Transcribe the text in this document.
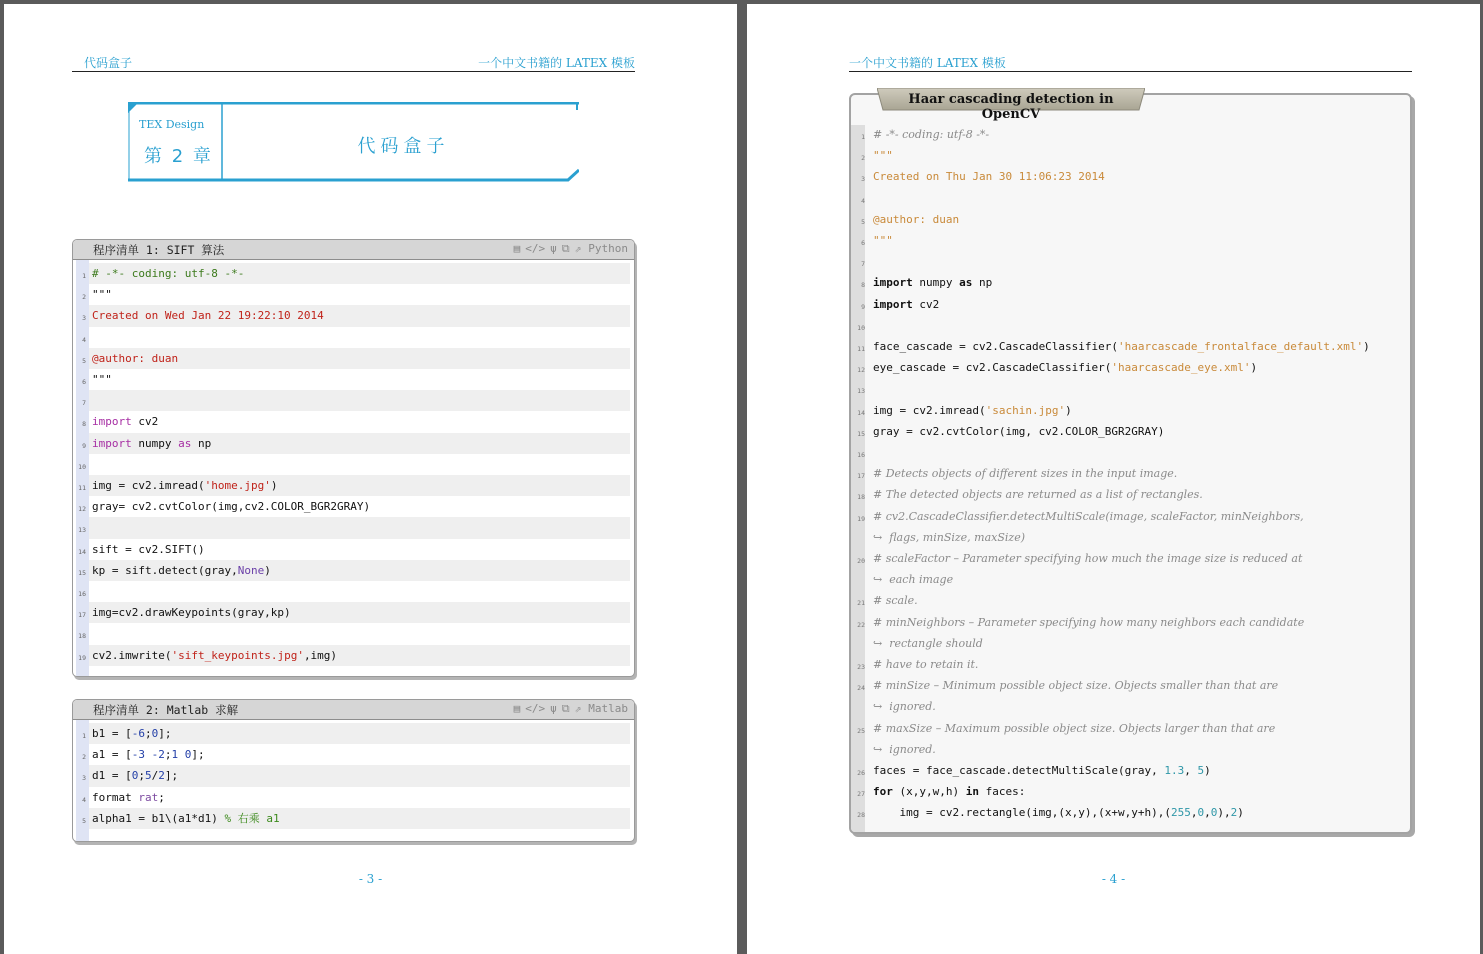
代码盒子	一个中文书籍的 LATEX 模板
TEX Design
第 2 章	代码盒子
程序清单 1: SIFT 算法	▤ </> ψ ⧉ ⇗ Python
1 # -*- coding: utf-8 -*-
2 """
3 Created on Wed Jan 22 19:22:10 2014
4
5 @author: duan
6 """
7
8 import cv2
9 import numpy as np
10
11 img = cv2.imread('home.jpg')
12 gray= cv2.cvtColor(img,cv2.COLOR_BGR2GRAY)
13
14 sift = cv2.SIFT()
15 kp = sift.detect(gray,None)
16
17 img=cv2.drawKeypoints(gray,kp)
18
19 cv2.imwrite('sift_keypoints.jpg',img)
程序清单 2: Matlab 求解	▤ </> ψ ⧉ ⇗ Matlab
1 b1 = [-6;0];
2 a1 = [-3 -2;1 0];
3 d1 = [0;5/2];
4 format rat;
5 alpha1 = b1\(a1*d1) % 右乘 a1
- 3 -
一个中文书籍的 LATEX 模板
1 # -*- coding: utf-8 -*-
2 """
3 Created on Thu Jan 30 11:06:23 2014
4
5 @author: duan
6 """
7
8 import numpy as np
9 import cv2
10
11 face_cascade = cv2.CascadeClassifier('haarcascade_frontalface_default.xml')
12 eye_cascade = cv2.CascadeClassifier('haarcascade_eye.xml')
13
14 img = cv2.imread('sachin.jpg')
15 gray = cv2.cvtColor(img, cv2.COLOR_BGR2GRAY)
16
17 # Detects objects of different sizes in the input image.
18 # The detected objects are returned as a list of rectangles.
19 # cv2.CascadeClassifier.detectMultiScale(image, scaleFactor, minNeighbors,
↪  flags, minSize, maxSize)
20 # scaleFactor – Parameter specifying how much the image size is reduced at
↪  each image
21 # scale.
22 # minNeighbors – Parameter specifying how many neighbors each candidate
↪  rectangle should
23 # have to retain it.
24 # minSize – Minimum possible object size. Objects smaller than that are
↪  ignored.
25 # maxSize – Maximum possible object size. Objects larger than that are
↪  ignored.
26 faces = face_cascade.detectMultiScale(gray, 1.3, 5)
27 for (x,y,w,h) in faces:
28 img = cv2.rectangle(img,(x,y),(x+w,y+h),(255,0,0),2)
Haar cascading detection in OpenCV
- 4 -
